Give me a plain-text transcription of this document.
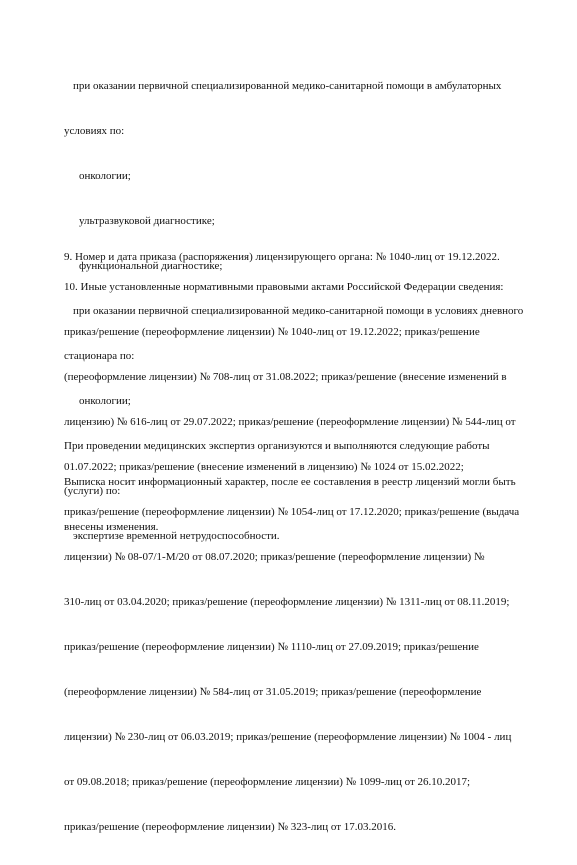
при оказании первичной специализированной медико-санитарной помощи в амбулаторных

условиях по:

онкологии;

ультразвуковой диагностике;

функциональной диагностике;

при оказании первичной специализированной медико-санитарной помощи в условиях дневного

стационара по:

онкологии;

При проведении медицинских экспертиз организуются и выполняются следующие работы

(услуги) по:

экспертизе временной нетрудоспособности.

9. Номер и дата приказа (распоряжения) лицензирующего органа: № 1040-лиц от 19.12.2022.

10. Иные установленные нормативными правовыми актами Российской Федерации сведения:

приказ/решение (переоформление лицензии) № 1040-лиц от 19.12.2022; приказ/решение

(переоформление лицензии) № 708-лиц от 31.08.2022; приказ/решение (внесение изменений в

лицензию) № 616-лиц от 29.07.2022; приказ/решение (переоформление лицензии) № 544-лиц от

01.07.2022; приказ/решение (внесение изменений в лицензию) № 1024 от 15.02.2022;

приказ/решение (переоформление лицензии) № 1054-лиц от 17.12.2020; приказ/решение (выдача

лицензии) № 08-07/1-М/20 от 08.07.2020; приказ/решение (переоформление лицензии) №

310-лиц от 03.04.2020; приказ/решение (переоформление лицензии) № 1311-лиц от 08.11.2019;

приказ/решение (переоформление лицензии) № 1110-лиц от 27.09.2019; приказ/решение

(переоформление лицензии) № 584-лиц от 31.05.2019; приказ/решение (переоформление

лицензии) № 230-лиц от 06.03.2019; приказ/решение (переоформление лицензии) № 1004 - лиц

от 09.08.2018; приказ/решение (переоформление лицензии) № 1099-лиц от 26.10.2017;

приказ/решение (переоформление лицензии) № 323-лиц от 17.03.2016.

Выписка носит информационный характер, после ее составления в реестр лицензий могли быть

внесены изменения.
